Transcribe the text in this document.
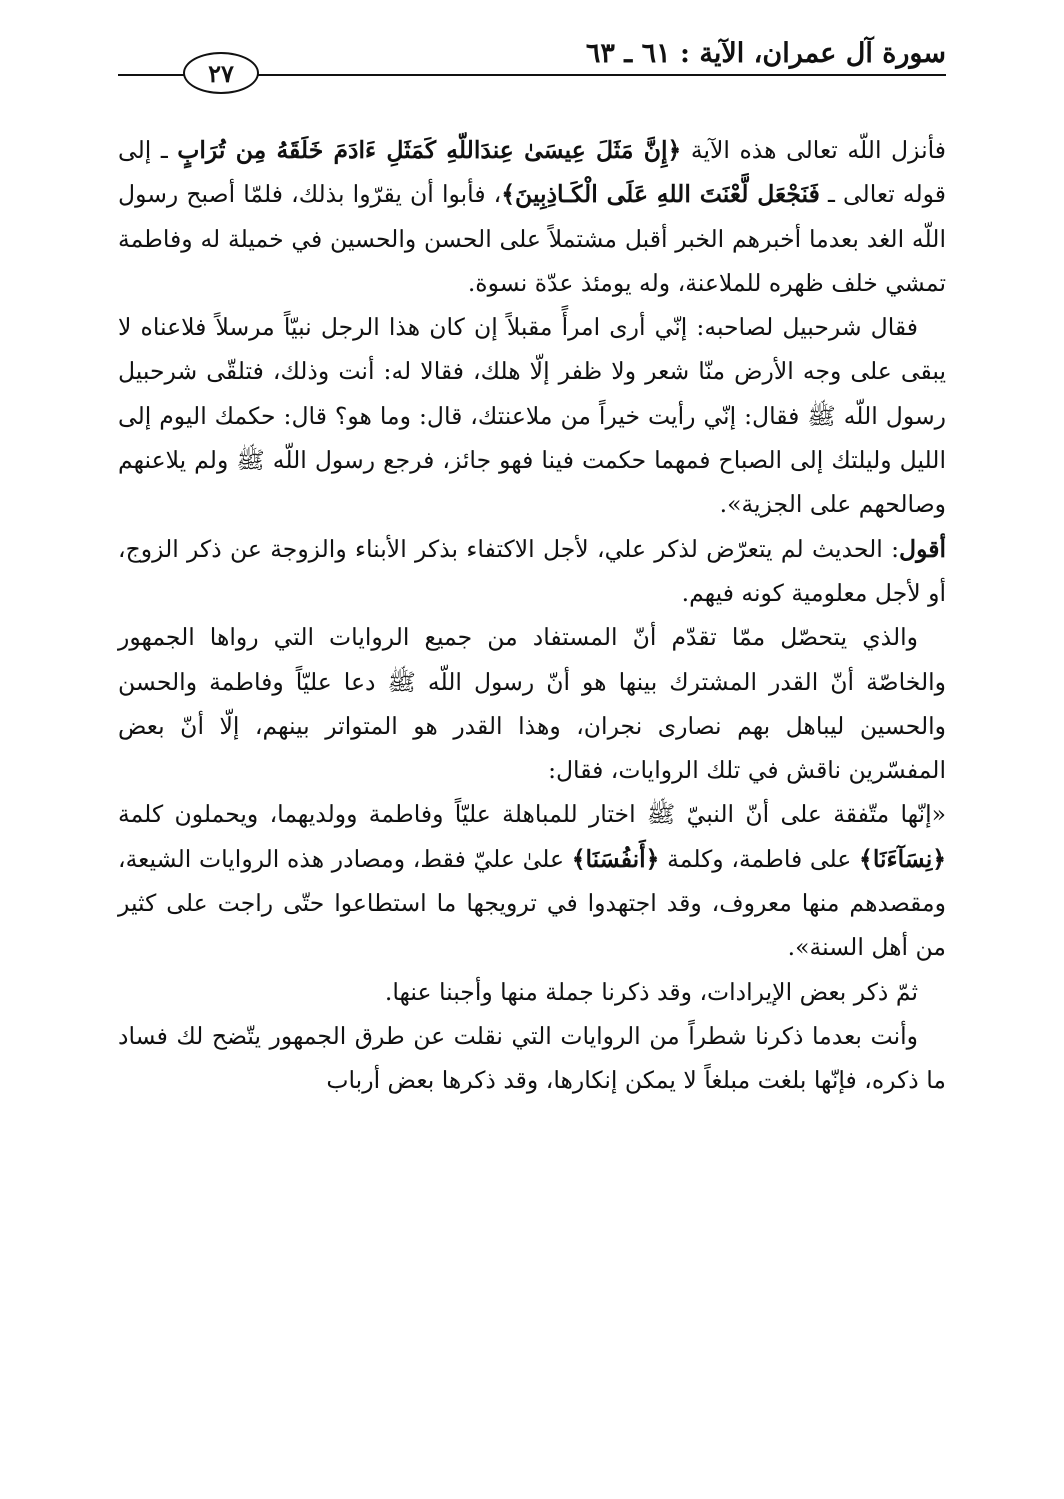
سورة آل عمران، الآية : ٦١ ـ ٦٣
٢٧

فأنزل اللّه تعالى هذه الآية ﴿إِنَّ مَثَلَ عِيسَىٰ عِندَاللّهِ كَمَثَلِ ءَادَمَ خَلَقَهُ مِن تُرَابٍ ـ إلى قوله تعالى ـ فَنَجْعَل لَّعْنَتَ اللهِ عَلَى الْكَـاذِبِينَ﴾، فأبوا أن يقرّوا بذلك، فلمّا أصبح رسول اللّه الغد بعدما أخبرهم الخبر أقبل مشتملاً على الحسن والحسين في خميلة له وفاطمة تمشي خلف ظهره للملاعنة، وله يومئذ عدّة نسوة.

فقال شرحبيل لصاحبه: إنّي أرى امرأً مقبلاً إن كان هذا الرجل نبيّاً مرسلاً فلاعناه لا يبقى على وجه الأرض منّا شعر ولا ظفر إلّا هلك، فقالا له: أنت وذلك، فتلقّى شرحبيل رسول اللّه ﷺ فقال: إنّي رأيت خيراً من ملاعنتك، قال: وما هو؟ قال: حكمك اليوم إلى الليل وليلتك إلى الصباح فمهما حكمت فينا فهو جائز، فرجع رسول اللّه ﷺ ولم يلاعنهم وصالحهم على الجزية».

أقول: الحديث لم يتعرّض لذكر علي، لأجل الاكتفاء بذكر الأبناء والزوجة عن ذكر الزوج، أو لأجل معلومية كونه فيهم.

والذي يتحصّل ممّا تقدّم أنّ المستفاد من جميع الروايات التي رواها الجمهور والخاصّة أنّ القدر المشترك بينها هو أنّ رسول اللّه ﷺ دعا عليّاً وفاطمة والحسن والحسين ليباهل بهم نصارى نجران، وهذا القدر هو المتواتر بينهم، إلّا أنّ بعض المفسّرين ناقش في تلك الروايات، فقال:

«إنّها متّفقة على أنّ النبيّ ﷺ اختار للمباهلة عليّاً وفاطمة وولديهما، ويحملون كلمة ﴿نِسَآءَنَا﴾ على فاطمة، وكلمة ﴿أَنفُسَنَا﴾ علىٰ عليّ فقط، ومصادر هذه الروايات الشيعة، ومقصدهم منها معروف، وقد اجتهدوا في ترويجها ما استطاعوا حتّى راجت على كثير من أهل السنة».

ثمّ ذكر بعض الإيرادات، وقد ذكرنا جملة منها وأجبنا عنها.

وأنت بعدما ذكرنا شطراً من الروايات التي نقلت عن طرق الجمهور يتّضح لك فساد ما ذكره، فإنّها بلغت مبلغاً لا يمكن إنكارها، وقد ذكرها بعض أرباب
